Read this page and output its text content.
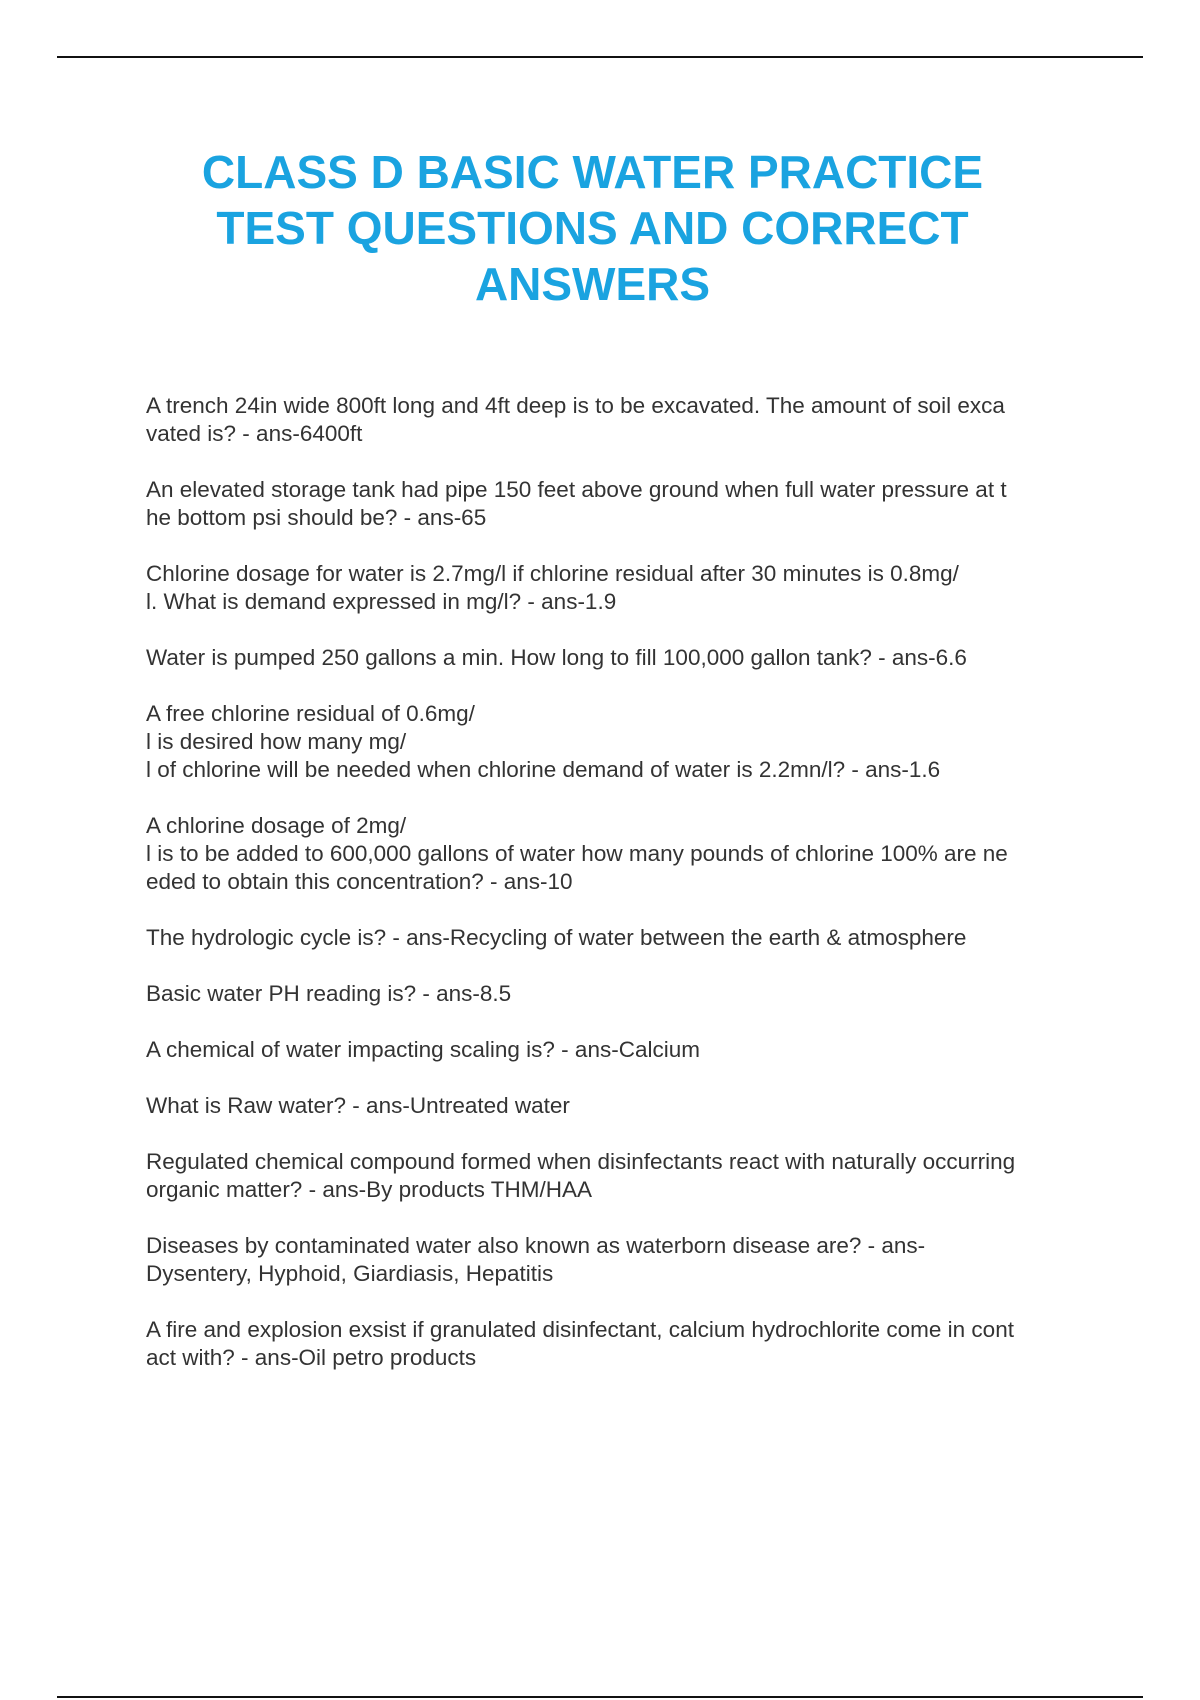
CLASS D BASIC WATER PRACTICE TEST QUESTIONS AND CORRECT ANSWERS
A trench 24in wide 800ft long and 4ft deep is to be excavated. The amount of soil exca
vated is? - ans-6400ft
An elevated storage tank had pipe 150 feet above ground when full water pressure at t
he bottom psi should be? - ans-65
Chlorine dosage for water is 2.7mg/l if chlorine residual after 30 minutes is 0.8mg/
l. What is demand expressed in mg/l? - ans-1.9
Water is pumped 250 gallons a min. How long to fill 100,000 gallon tank? - ans-6.6
A free chlorine residual of 0.6mg/
l is desired how many mg/
l of chlorine will be needed when chlorine demand of water is 2.2mn/l? - ans-1.6
A chlorine dosage of 2mg/
l is to be added to 600,000 gallons of water how many pounds of chlorine 100% are ne
eded to obtain this concentration? - ans-10
The hydrologic cycle is? - ans-Recycling of water between the earth & atmosphere
Basic water PH reading is? - ans-8.5
A chemical of water impacting scaling is? - ans-Calcium
What is Raw water? - ans-Untreated water
Regulated chemical compound formed when disinfectants react with naturally occurring
organic matter? - ans-By products THM/HAA
Diseases by contaminated water also known as waterborn disease are? - ans-
Dysentery, Hyphoid, Giardiasis, Hepatitis
A fire and explosion exsist if granulated disinfectant, calcium hydrochlorite come in cont
act with? - ans-Oil petro products
